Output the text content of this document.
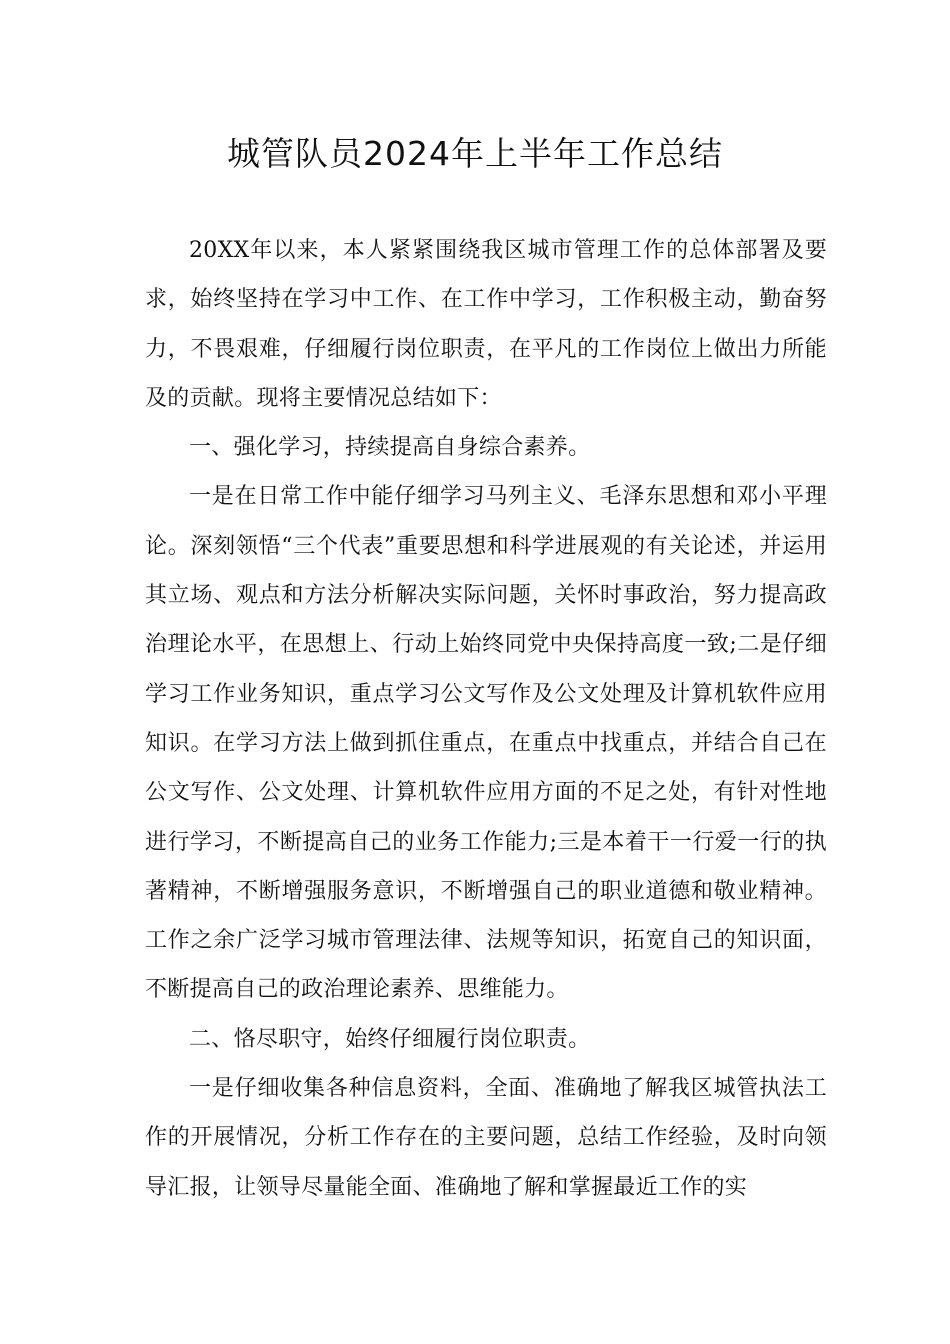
城管队员2024年上半年工作总结

20XX年以来，本人紧紧围绕我区城市管理工作的总体部署及要求，始终坚持在学习中工作、在工作中学习，工作积极主动，勤奋努力，不畏艰难，仔细履行岗位职责，在平凡的工作岗位上做出力所能及的贡献。现将主要情况总结如下：

一、强化学习，持续提高自身综合素养。

一是在日常工作中能仔细学习马列主义、毛泽东思想和邓小平理论。深刻领悟“三个代表”重要思想和科学进展观的有关论述，并运用其立场、观点和方法分析解决实际问题，关怀时事政治，努力提高政治理论水平，在思想上、行动上始终同党中央保持高度一致;二是仔细学习工作业务知识，重点学习公文写作及公文处理及计算机软件应用知识。在学习方法上做到抓住重点，在重点中找重点，并结合自己在公文写作、公文处理、计算机软件应用方面的不足之处，有针对性地进行学习，不断提高自己的业务工作能力;三是本着干一行爱一行的执著精神，不断增强服务意识，不断增强自己的职业道德和敬业精神。工作之余广泛学习城市管理法律、法规等知识，拓宽自己的知识面，不断提高自己的政治理论素养、思维能力。

二、恪尽职守，始终仔细履行岗位职责。

一是仔细收集各种信息资料，全面、准确地了解我区城管执法工作的开展情况，分析工作存在的主要问题，总结工作经验，及时向领导汇报，让领导尽量能全面、准确地了解和掌握最近工作的实
